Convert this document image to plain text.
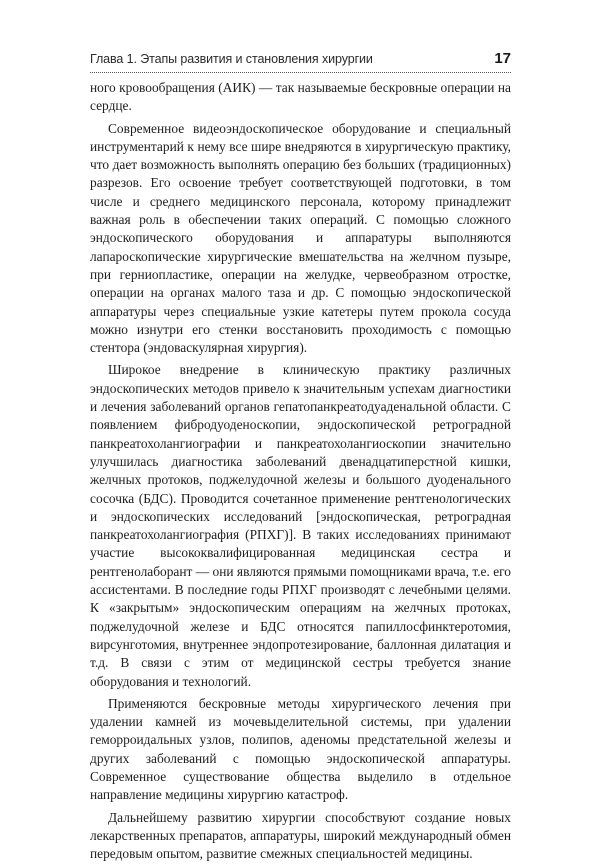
Глава 1. Этапы развития и становления хирургии	17

ного кровообращения (АИК) — так называемые бескровные операции на сердце.

Современное видеоэндоскопическое оборудование и специальный инструментарий к нему все шире внедряются в хирургическую практику, что дает возможность выполнять операцию без больших (традиционных) разрезов. Его освоение требует соответствующей подготовки, в том числе и среднего медицинского персонала, которому принадлежит важная роль в обеспечении таких операций. С помощью сложного эндоскопического оборудования и аппаратуры выполняются лапароскопические хирургические вмешательства на желчном пузыре, при герниопластике, операции на желудке, червеобразном отростке, операции на органах малого таза и др. С помощью эндоскопической аппаратуры через специальные узкие катетеры путем прокола сосуда можно изнутри его стенки восстановить проходимость с помощью стентора (эндоваскулярная хирургия).

Широкое внедрение в клиническую практику различных эндоскопических методов привело к значительным успехам диагностики и лечения заболеваний органов гепатопанкреатодуаденальной области. С появлением фибродуоденоскопии, эндоскопической ретроградной панкреатохолангиографии и панкреатохолангиоскопии значительно улучшилась диагностика заболеваний двенадцатиперстной кишки, желчных протоков, поджелудочной железы и большого дуоденального сосочка (БДС). Проводится сочетанное применение рентгенологических и эндоскопических исследований [эндоскопическая, ретроградная панкреатохолангиография (РПХГ)]. В таких исследованиях принимают участие высококвалифицированная медицинская сестра и рентгенолаборант — они являются прямыми помощниками врача, т.е. его ассистентами. В последние годы РПХГ производят с лечебными целями. К «закрытым» эндоскопическим операциям на желчных протоках, поджелудочной железе и БДС относятся папиллосфинктеротомия, вирсунготомия, внутреннее эндопротезирование, баллонная дилатация и т.д. В связи с этим от медицинской сестры требуется знание оборудования и технологий.

Применяются бескровные методы хирургического лечения при удалении камней из мочевыделительной системы, при удалении геморроидальных узлов, полипов, аденомы предстательной железы и других заболеваний с помощью эндоскопической аппаратуры. Современное существование общества выделило в отдельное направление медицины хирургию катастроф.

Дальнейшему развитию хирургии способствуют создание новых лекарственных препаратов, аппаратуры, широкий международный обмен передовым опытом, развитие смежных специальностей медицины.
